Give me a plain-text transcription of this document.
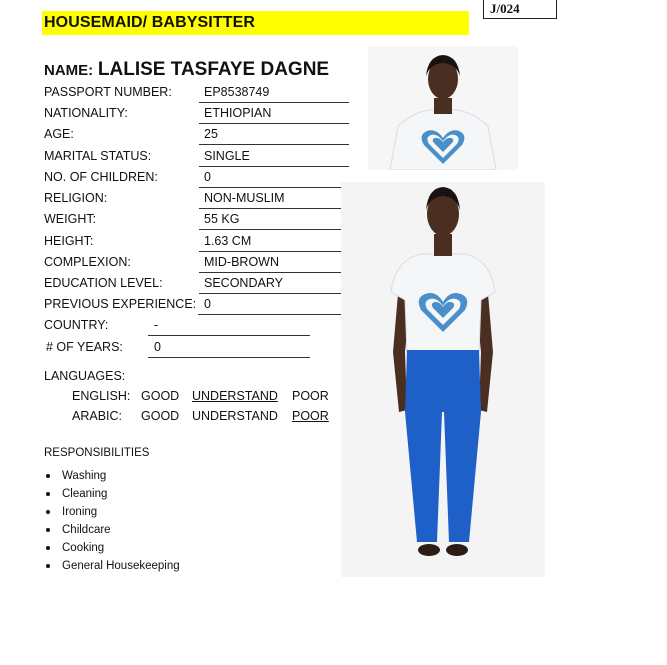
HOUSEMAID/ BABYSITTER
J/024
NAME: LALISE TASFAYE DAGNE
PASSPORT NUMBER:	EP8538749
NATIONALITY:	ETHIOPIAN
AGE:	25
MARITAL STATUS:	SINGLE
NO. OF CHILDREN:	0
RELIGION:	NON-MUSLIM
WEIGHT:	55 KG
HEIGHT:	1.63 CM
COMPLEXION:	MID-BROWN
EDUCATION LEVEL:	SECONDARY
PREVIOUS EXPERIENCE: 0
COUNTRY:	-
# OF YEARS: 0
LANGUAGES:
ENGLISH: GOOD UNDERSTAND POOR
ARABIC: GOOD UNDERSTAND POOR
RESPONSIBILITIES
Washing
Cleaning
Ironing
Childcare
Cooking
General Housekeeping
